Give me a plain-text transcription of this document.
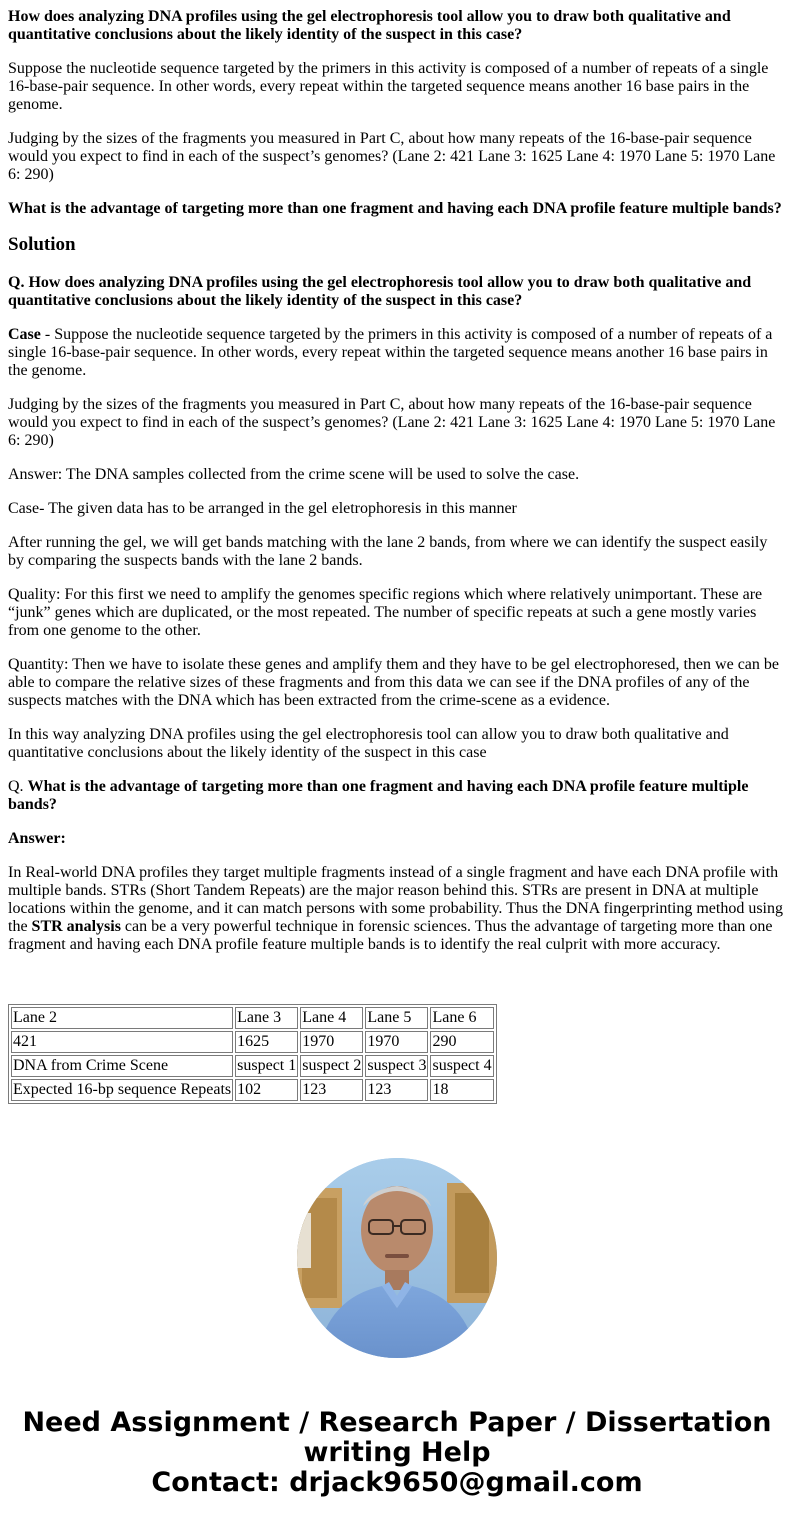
How does analyzing DNA profiles using the gel electrophoresis tool allow you to draw both qualitative and quantitative conclusions about the likely identity of the suspect in this case?

Suppose the nucleotide sequence targeted by the primers in this activity is composed of a number of repeats of a single 16-base-pair sequence. In other words, every repeat within the targeted sequence means another 16 base pairs in the genome.

Judging by the sizes of the fragments you measured in Part C, about how many repeats of the 16-base-pair sequence would you expect to find in each of the suspect’s genomes? (Lane 2: 421 Lane 3: 1625 Lane 4: 1970 Lane 5: 1970 Lane 6: 290)

What is the advantage of targeting more than one fragment and having each DNA profile feature multiple bands?

Solution

Q. How does analyzing DNA profiles using the gel electrophoresis tool allow you to draw both qualitative and quantitative conclusions about the likely identity of the suspect in this case?

Case - Suppose the nucleotide sequence targeted by the primers in this activity is composed of a number of repeats of a single 16-base-pair sequence. In other words, every repeat within the targeted sequence means another 16 base pairs in the genome.

Judging by the sizes of the fragments you measured in Part C, about how many repeats of the 16-base-pair sequence would you expect to find in each of the suspect’s genomes? (Lane 2: 421 Lane 3: 1625 Lane 4: 1970 Lane 5: 1970 Lane 6: 290)

Answer: The DNA samples collected from the crime scene will be used to solve the case.

Case- The given data has to be arranged in the gel eletrophoresis in this manner

After running the gel, we will get bands matching with the lane 2 bands, from where we can identify the suspect easily by comparing the suspects bands with the lane 2 bands.

Quality: For this first we need to amplify the genomes specific regions which where relatively unimportant. These are “junk” genes which are duplicated, or the most repeated. The number of specific repeats at such a gene mostly varies from one genome to the other.

Quantity: Then we have to isolate these genes and amplify them and they have to be gel electrophoresed, then we can be able to compare the relative sizes of these fragments and from this data we can see if the DNA profiles of any of the suspects matches with the DNA which has been extracted from the crime-scene as a evidence.

In this way analyzing DNA profiles using the gel electrophoresis tool can allow you to draw both qualitative and quantitative conclusions about the likely identity of the suspect in this case

Q. What is the advantage of targeting more than one fragment and having each DNA profile feature multiple bands?

Answer:

In Real-world DNA profiles they target multiple fragments instead of a single fragment and have each DNA profile with multiple bands. STRs (Short Tandem Repeats) are the major reason behind this. STRs are present in DNA at multiple locations within the genome, and it can match persons with some probability. Thus the DNA fingerprinting method using the STR analysis can be a very powerful technique in forensic sciences. Thus the advantage of targeting more than one fragment and having each DNA profile feature multiple bands is to identify the real culprit with more accuracy.

Lane 2	Lane 3	Lane 4	Lane 5	Lane 6
421	1625	1970	1970	290
DNA from Crime Scene	suspect 1	suspect 2	suspect 3	suspect 4
Expected 16-bp sequence Repeats	102	123	123	18
Need Assignment / Research Paper / Dissertation
writing Help
Contact: drjack9650@gmail.com
